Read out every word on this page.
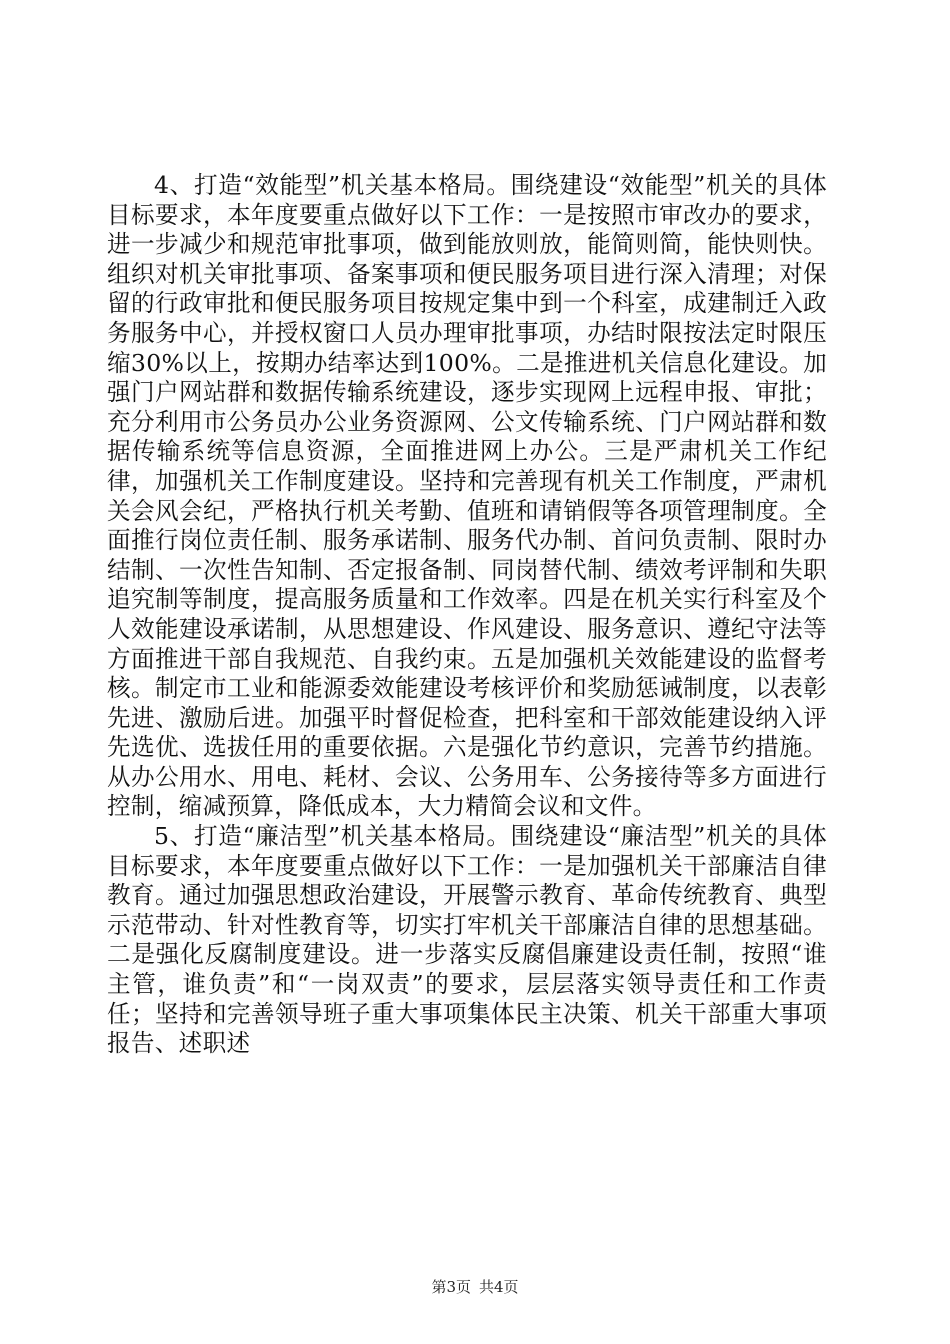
4、打造“效能型”机关基本格局。围绕建设“效能型”机关的具体目标要求，本年度要重点做好以下工作：一是按照市审改办的要求，进一步减少和规范审批事项，做到能放则放，能简则简，能快则快。组织对机关审批事项、备案事项和便民服务项目进行深入清理；对保留的行政审批和便民服务项目按规定集中到一个科室，成建制迁入政务服务中心，并授权窗口人员办理审批事项，办结时限按法定时限压缩30%以上，按期办结率达到100%。二是推进机关信息化建设。加强门户网站群和数据传输系统建设，逐步实现网上远程申报、审批；充分利用市公务员办公业务资源网、公文传输系统、门户网站群和数据传输系统等信息资源，全面推进网上办公。三是严肃机关工作纪律，加强机关工作制度建设。坚持和完善现有机关工作制度，严肃机关会风会纪，严格执行机关考勤、值班和请销假等各项管理制度。全面推行岗位责任制、服务承诺制、服务代办制、首问负责制、限时办结制、一次性告知制、否定报备制、同岗替代制、绩效考评制和失职追究制等制度，提高服务质量和工作效率。四是在机关实行科室及个人效能建设承诺制，从思想建设、作风建设、服务意识、遵纪守法等方面推进干部自我规范、自我约束。五是加强机关效能建设的监督考核。制定市工业和能源委效能建设考核评价和奖励惩诫制度，以表彰先进、激励后进。加强平时督促检查，把科室和干部效能建设纳入评先选优、选拔任用的重要依据。六是强化节约意识，完善节约措施。从办公用水、用电、耗材、会议、公务用车、公务接待等多方面进行控制，缩减预算，降低成本，大力精简会议和文件。

5、打造“廉洁型”机关基本格局。围绕建设“廉洁型”机关的具体目标要求，本年度要重点做好以下工作：一是加强机关干部廉洁自律教育。通过加强思想政治建设，开展警示教育、革命传统教育、典型示范带动、针对性教育等，切实打牢机关干部廉洁自律的思想基础。二是强化反腐制度建设。进一步落实反腐倡廉建设责任制，按照“谁主管，谁负责”和“一岗双责”的要求，层层落实领导责任和工作责任；坚持和完善领导班子重大事项集体民主决策、机关干部重大事项报告、述职述

第3页 共4页
